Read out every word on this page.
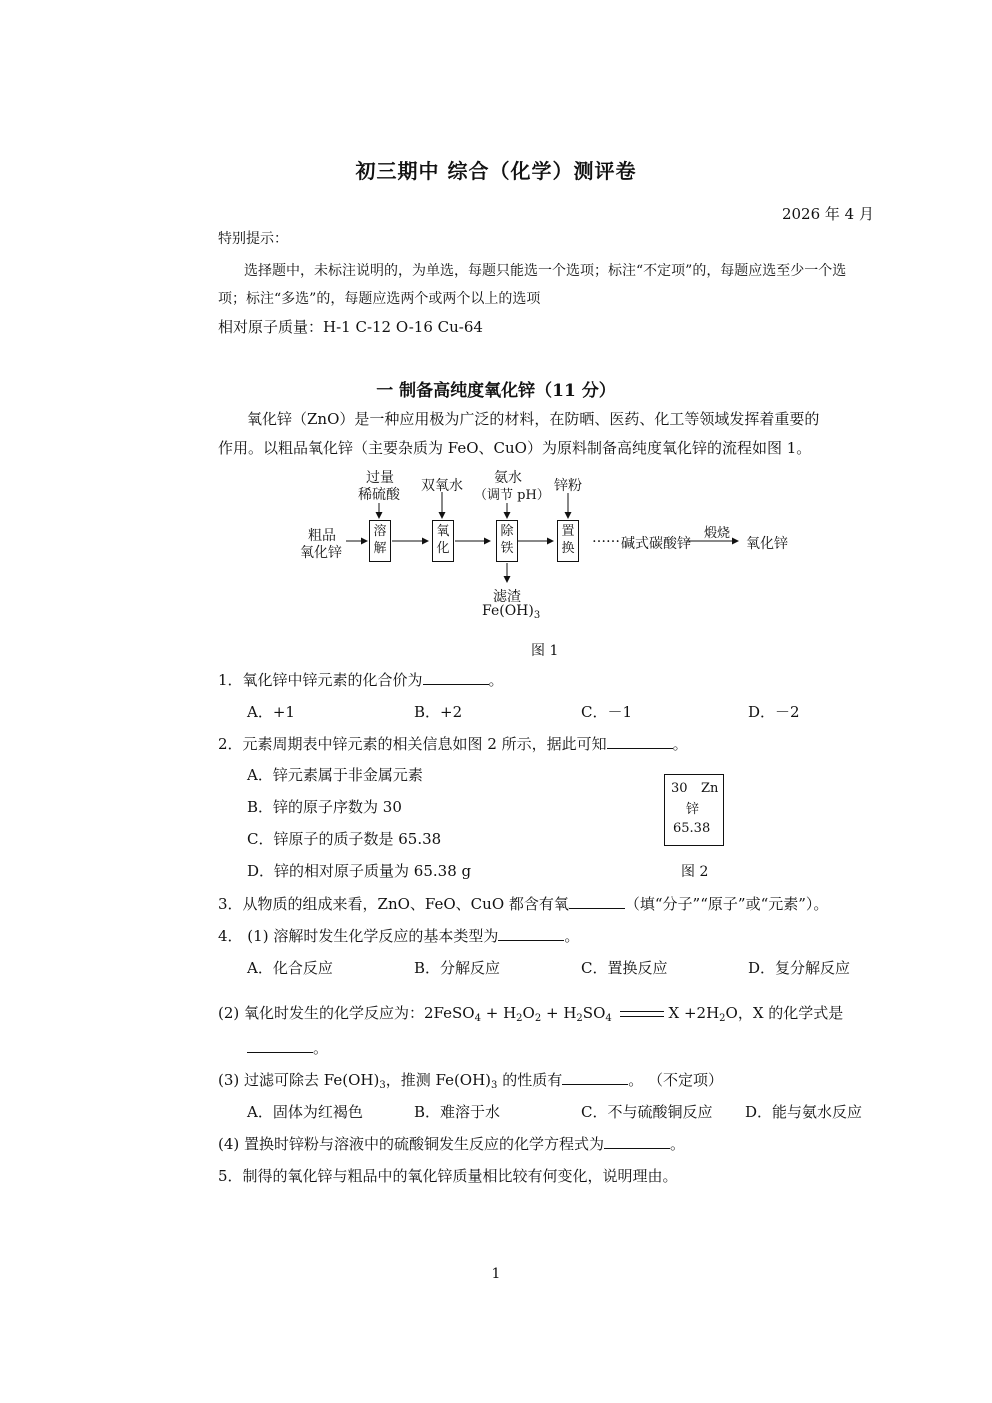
初三期中 综合（化学）测评卷
2026 年 4 月
特别提示：
选择题中，未标注说明的，为单选，每题只能选一个选项；标注“不定项”的，每题应选至少一个选
项；标注“多选”的，每题应选两个或两个以上的选项
相对原子质量：H-1 C-12 O-16 Cu-64
一 制备高纯度氧化锌（11 分）
氧化锌（ZnO）是一种应用极为广泛的材料，在防晒、医药、化工等领域发挥着重要的
作用。以粗品氧化锌（主要杂质为 FeO、CuO）为原料制备高纯度氧化锌的流程如图 1。
粗品
氧化锌
过量
稀硫酸
双氧水 氨水
（调节 pH）
锌粉
溶
解
氧
化
除
铁
置
换
…… 碱式碳酸锌
煅烧
氧化锌
滤渣
$Fe(OH)_3$
图 1
1．氧化锌中锌元素的化合价为	。
A．+1	B．+2	C．－1	D．－2
2．元素周期表中锌元素的相关信息如图 2 所示，据此可知	。
A．锌元素属于非金属元素
B．锌的原子序数为 30
C．锌原子的质子数是 65.38
D．锌的相对原子质量为 65.38 g
30 Zn
锌
65.38
图 2
3．从物质的组成来看，ZnO、FeO、CuO 都含有氧	（填“分子”“原子”或“元素”）。
4． (1) 溶解时发生化学反应的基本类型为	。
A．化合反应	B．分解反应	C．置换反应	D．复分解反应
(2) 氧化时发生的化学反应为：2FeSO$_4$ + $H_2O_2 + H_2SO_4$	$X +2H_2O$，X 的化学式是
。
(3) 过滤可除去 $Fe(OH)_3$，推测 $Fe(OH)_3$ 的性质有	。 （不定项）
A．固体为红褐色	B．难溶于水	C．不与硫酸铜反应 D．能与氨水反应
(4) 置换时锌粉与溶液中的硫酸铜发生反应的化学方程式为	。
5．制得的氧化锌与粗品中的氧化锌质量相比较有何变化，说明理由。
1
